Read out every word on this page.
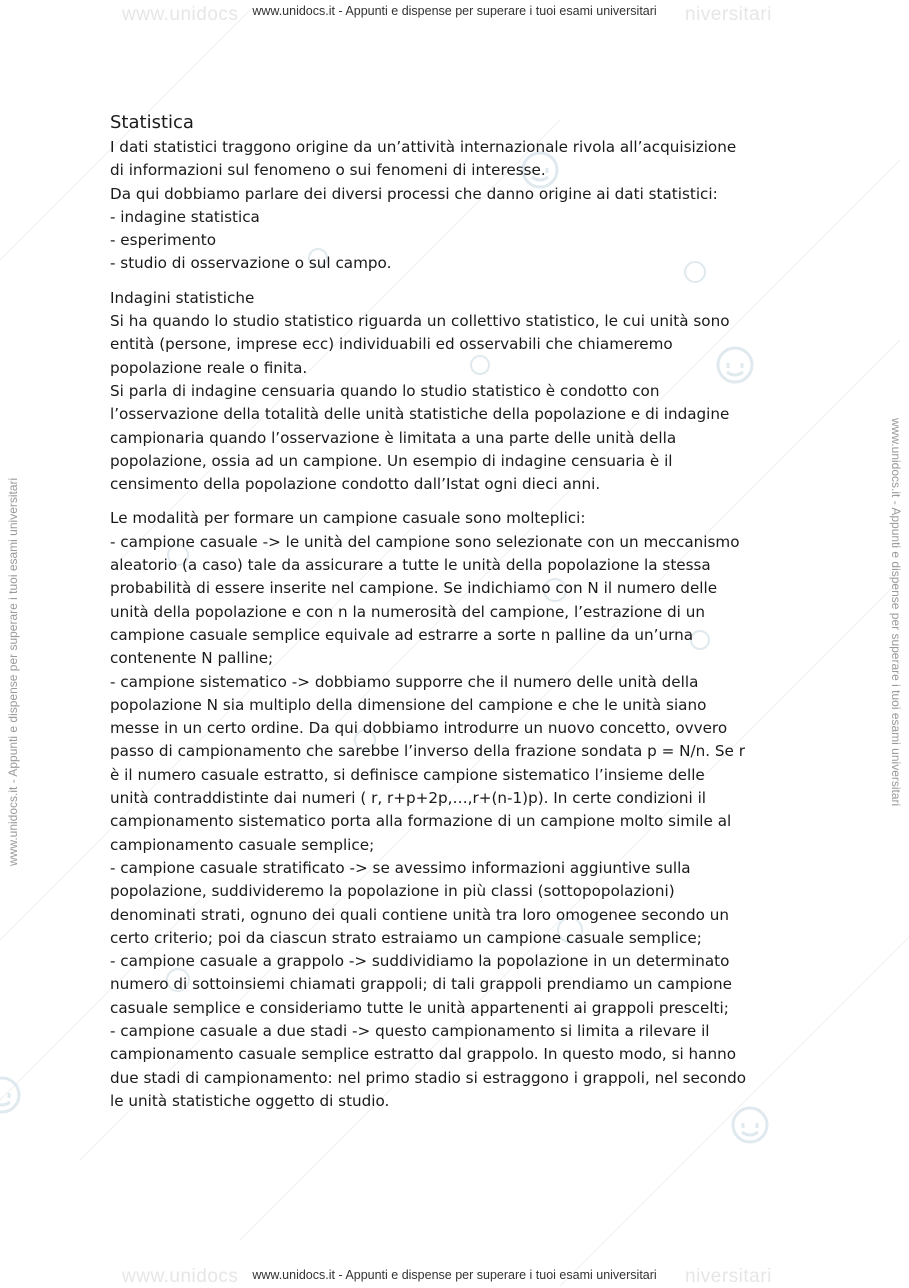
www.unidocs	niversitari
www.unidocs	niversitari
www.unidocs.it - Appunti e dispense per superare i tuoi esami universitari
www.unidocs.it - Appunti e dispense per superare i tuoi esami universitari
www.unidocs.it - Appunti e dispense per superare i tuoi esami universitari	www.unidocs.it - Appunti e dispense per superare i tuoi esami universitari

Statistica

I dati statistici traggono origine da un’attività internazionale rivola all’acquisizione

di informazioni sul fenomeno o sui fenomeni di interesse.

Da qui dobbiamo parlare dei diversi processi che danno origine ai dati statistici:

- indagine statistica

- esperimento

- studio di osservazione o sul campo.

Indagini statistiche

Si ha quando lo studio statistico riguarda un collettivo statistico, le cui unità sono

entità (persone, imprese ecc) individuabili ed osservabili che chiameremo

popolazione reale o finita.

Si parla di indagine censuaria quando lo studio statistico è condotto con

l’osservazione della totalità delle unità statistiche della popolazione e di indagine

campionaria quando l’osservazione è limitata a una parte delle unità della

popolazione, ossia ad un campione. Un esempio di indagine censuaria è il

censimento della popolazione condotto dall’Istat ogni dieci anni.

Le modalità per formare un campione casuale sono molteplici:

- campione casuale -> le unità del campione sono selezionate con un meccanismo

aleatorio (a caso) tale da assicurare a tutte le unità della popolazione la stessa

probabilità di essere inserite nel campione. Se indichiamo con N il numero delle

unità della popolazione e con n la numerosità del campione, l’estrazione di un

campione casuale semplice equivale ad estrarre a sorte n palline da un’urna

contenente N palline;

- campione sistematico -> dobbiamo supporre che il numero delle unità della

popolazione N sia multiplo della dimensione del campione e che le unità siano

messe in un certo ordine. Da qui dobbiamo introdurre un nuovo concetto, ovvero

passo di campionamento che sarebbe l’inverso della frazione sondata p = N/n. Se r

è il numero casuale estratto, si definisce campione sistematico l’insieme delle

unità contraddistinte dai numeri ( r, r+p+2p,…,r+(n-1)p). In certe condizioni il

campionamento sistematico porta alla formazione di un campione molto simile al

campionamento casuale semplice;

- campione casuale stratificato -> se avessimo informazioni aggiuntive sulla

popolazione, suddivideremo la popolazione in più classi (sottopopolazioni)

denominati strati, ognuno dei quali contiene unità tra loro omogenee secondo un

certo criterio; poi da ciascun strato estraiamo un campione casuale semplice;

- campione casuale a grappolo -> suddividiamo la popolazione in un determinato

numero di sottoinsiemi chiamati grappoli; di tali grappoli prendiamo un campione

casuale semplice e consideriamo tutte le unità appartenenti ai grappoli prescelti;

- campione casuale a due stadi -> questo campionamento si limita a rilevare il

campionamento casuale semplice estratto dal grappolo. In questo modo, si hanno

due stadi di campionamento: nel primo stadio si estraggono i grappoli, nel secondo

le unità statistiche oggetto di studio.
